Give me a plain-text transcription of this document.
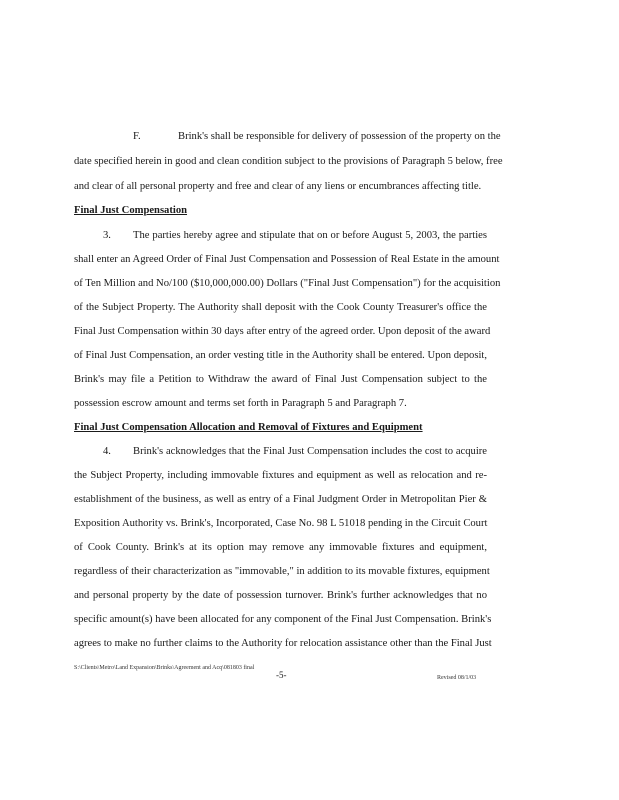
F.	Brink's shall be responsible for delivery of possession of the property on the
date specified herein in good and clean condition subject to the provisions of Paragraph 5 below, free
and clear of all personal property and free and clear of any liens or encumbrances affecting title.
Final Just Compensation
3. The parties hereby agree and stipulate that on or before August 5, 2003, the parties
shall enter an Agreed Order of Final Just Compensation and Possession of Real Estate in the amount
of Ten Million and No/100 ($10,000,000.00) Dollars ("Final Just Compensation") for the acquisition
of the Subject Property. The Authority shall deposit with the Cook County Treasurer's office the
Final Just Compensation within 30 days after entry of the agreed order. Upon deposit of the award
of Final Just Compensation, an order vesting title in the Authority shall be entered. Upon deposit,
Brink's may file a Petition to Withdraw the award of Final Just Compensation subject to the
possession escrow amount and terms set forth in Paragraph 5 and Paragraph 7.
Final Just Compensation Allocation and Removal of Fixtures and Equipment
4. Brink's acknowledges that the Final Just Compensation includes the cost to acquire
the Subject Property, including immovable fixtures and equipment as well as relocation and re-
establishment of the business, as well as entry of a Final Judgment Order in Metropolitan Pier &
Exposition Authority vs. Brink's, Incorporated, Case No. 98 L 51018 pending in the Circuit Court
of Cook County. Brink's at its option may remove any immovable fixtures and equipment,
regardless of their characterization as "immovable," in addition to its movable fixtures, equipment
and personal property by the date of possession turnover. Brink's further acknowledges that no
specific amount(s) have been allocated for any component of the Final Just Compensation. Brink's
agrees to make no further claims to the Authority for relocation assistance other than the Final Just
S:\Clients\Metro\Land Expansion\Brinks\Agreement and Acq\081803 final
-5-	Revised 08/1/03
